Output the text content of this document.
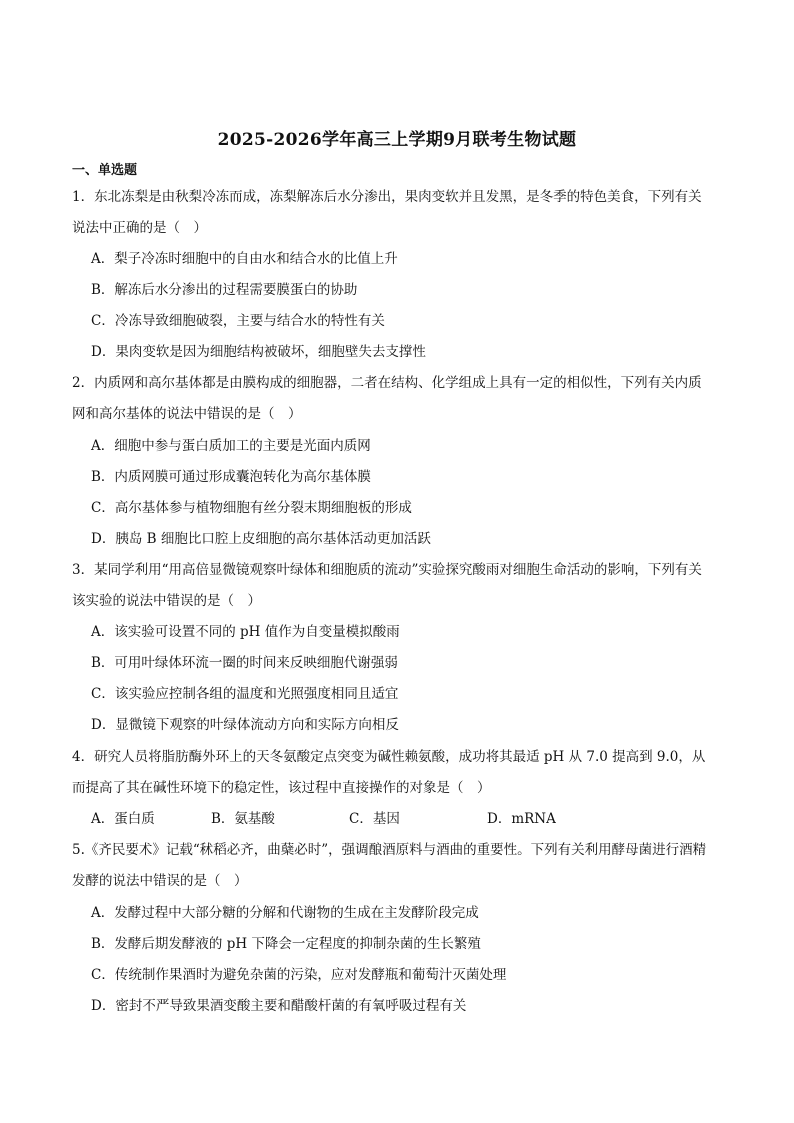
2025-2026学年高三上学期9月联考生物试题
一、单选题
1．东北冻梨是由秋梨冷冻而成，冻梨解冻后水分渗出，果肉变软并且发黑，是冬季的特色美食，下列有关
说法中正确的是（　）
A．梨子冷冻时细胞中的自由水和结合水的比值上升
B．解冻后水分渗出的过程需要膜蛋白的协助
C．冷冻导致细胞破裂，主要与结合水的特性有关
D．果肉变软是因为细胞结构被破坏，细胞壁失去支撑性
2．内质网和高尔基体都是由膜构成的细胞器，二者在结构、化学组成上具有一定的相似性，下列有关内质
网和高尔基体的说法中错误的是（　）
A．细胞中参与蛋白质加工的主要是光面内质网
B．内质网膜可通过形成囊泡转化为高尔基体膜
C．高尔基体参与植物细胞有丝分裂末期细胞板的形成
D．胰岛 B 细胞比口腔上皮细胞的高尔基体活动更加活跃
3．某同学利用“用高倍显微镜观察叶绿体和细胞质的流动”实验探究酸雨对细胞生命活动的影响，下列有关
该实验的说法中错误的是（　）
A．该实验可设置不同的 pH 值作为自变量模拟酸雨
B．可用叶绿体环流一圈的时间来反映细胞代谢强弱
C．该实验应控制各组的温度和光照强度相同且适宜
D．显微镜下观察的叶绿体流动方向和实际方向相反
4．研究人员将脂肪酶外环上的天冬氨酸定点突变为碱性赖氨酸，成功将其最适 pH 从 7.0 提高到 9.0，从
而提高了其在碱性环境下的稳定性，该过程中直接操作的对象是（　）
A．蛋白质	B．氨基酸	C．基因	D．mRNA
5.《齐民要术》记载“秫稻必齐，曲蘖必时”，强调酿酒原料与酒曲的重要性。下列有关利用酵母菌进行酒精
发酵的说法中错误的是（　）
A．发酵过程中大部分糖的分解和代谢物的生成在主发酵阶段完成
B．发酵后期发酵液的 pH 下降会一定程度的抑制杂菌的生长繁殖
C．传统制作果酒时为避免杂菌的污染，应对发酵瓶和葡萄汁灭菌处理
D．密封不严导致果酒变酸主要和醋酸杆菌的有氧呼吸过程有关
